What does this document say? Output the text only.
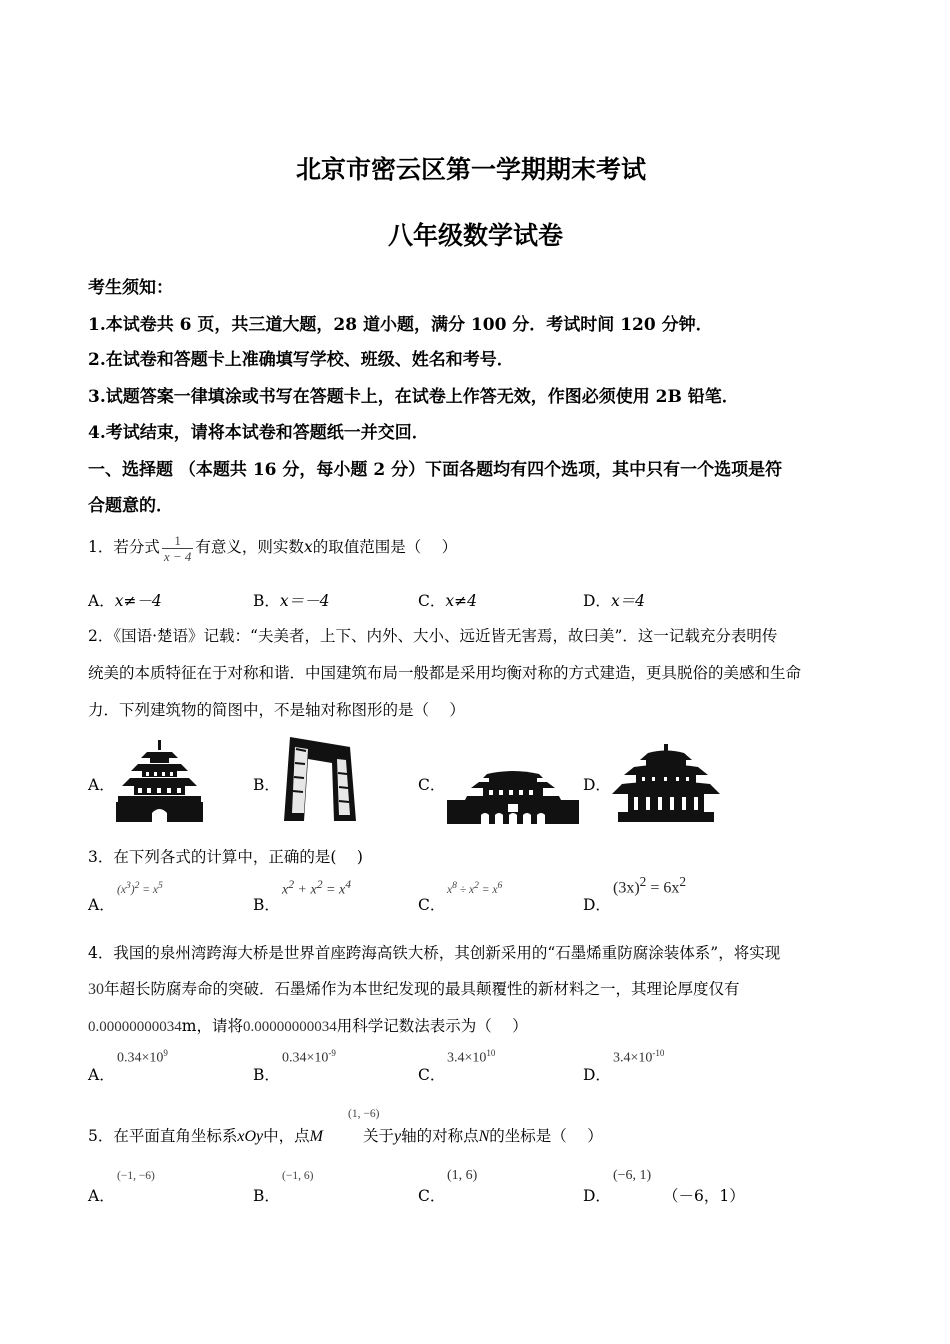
北京市密云区第一学期期末考试
八年级数学试卷
考生须知：
1.本试卷共 6 页，共三道大题，28 道小题，满分 100 分．考试时间 120 分钟．
2.在试卷和答题卡上准确填写学校、班级、姓名和考号．
3.试题答案一律填涂或书写在答题卡上，在试卷上作答无效，作图必须使用 2B 铅笔．
4.考试结束，请将本试卷和答题纸一并交回．
一、选择题 （本题共 16 分，每小题 2 分）下面各题均有四个选项，其中只有一个选项是符
合题意的．
1．若分式 $\frac{1}{x - 4}$ 有意义，则实数x的取值范围是（　 ）
A．x≠－4	B．x＝－4	C．x≠4	D．x＝4
2．《国语·楚语》记载：“夫美者，上下、内外、大小、远近皆无害焉，故曰美”．这一记载充分表明传
统美的本质特征在于对称和谐．中国建筑布局一般都是采用均衡对称的方式建造，更具脱俗的美感和生命
力．下列建筑物的简图中，不是轴对称图形的是（　 ）
A．	B．	C．	D．
3．在下列各式的计算中，正确的是(　 )
A．	B．	C．	D．
$(x^3)^2 = x^5$	$x^2 + x^2 = x^4$	$x^8 \div x^2 = x^6$	$(3x)^2 = 6x^2$
4．我国的泉州湾跨海大桥是世界首座跨海高铁大桥，其创新采用的“石墨烯重防腐涂装体系”，将实现
30年超长防腐寿命的突破．石墨烯作为本世纪发现的最具颠覆性的新材料之一，其理论厚度仅有
0.00000000034m，请将0.00000000034用科学记数法表示为（　 ）
A．	B．	C．	D．
$0.34\times 10^9$	$0.34\times 10^{-9}$	$3.4\times 10^{10}$	$3.4\times 10^{-10}$
5．在平面直角坐标系xOy中，点M	关于y轴的对称点N的坐标是（　 ）
(1, −6)
A．	B．	C．	D．
(−1, −6)	(−1, 6)	(1, 6)	(−6, 1)
（－6，1）
